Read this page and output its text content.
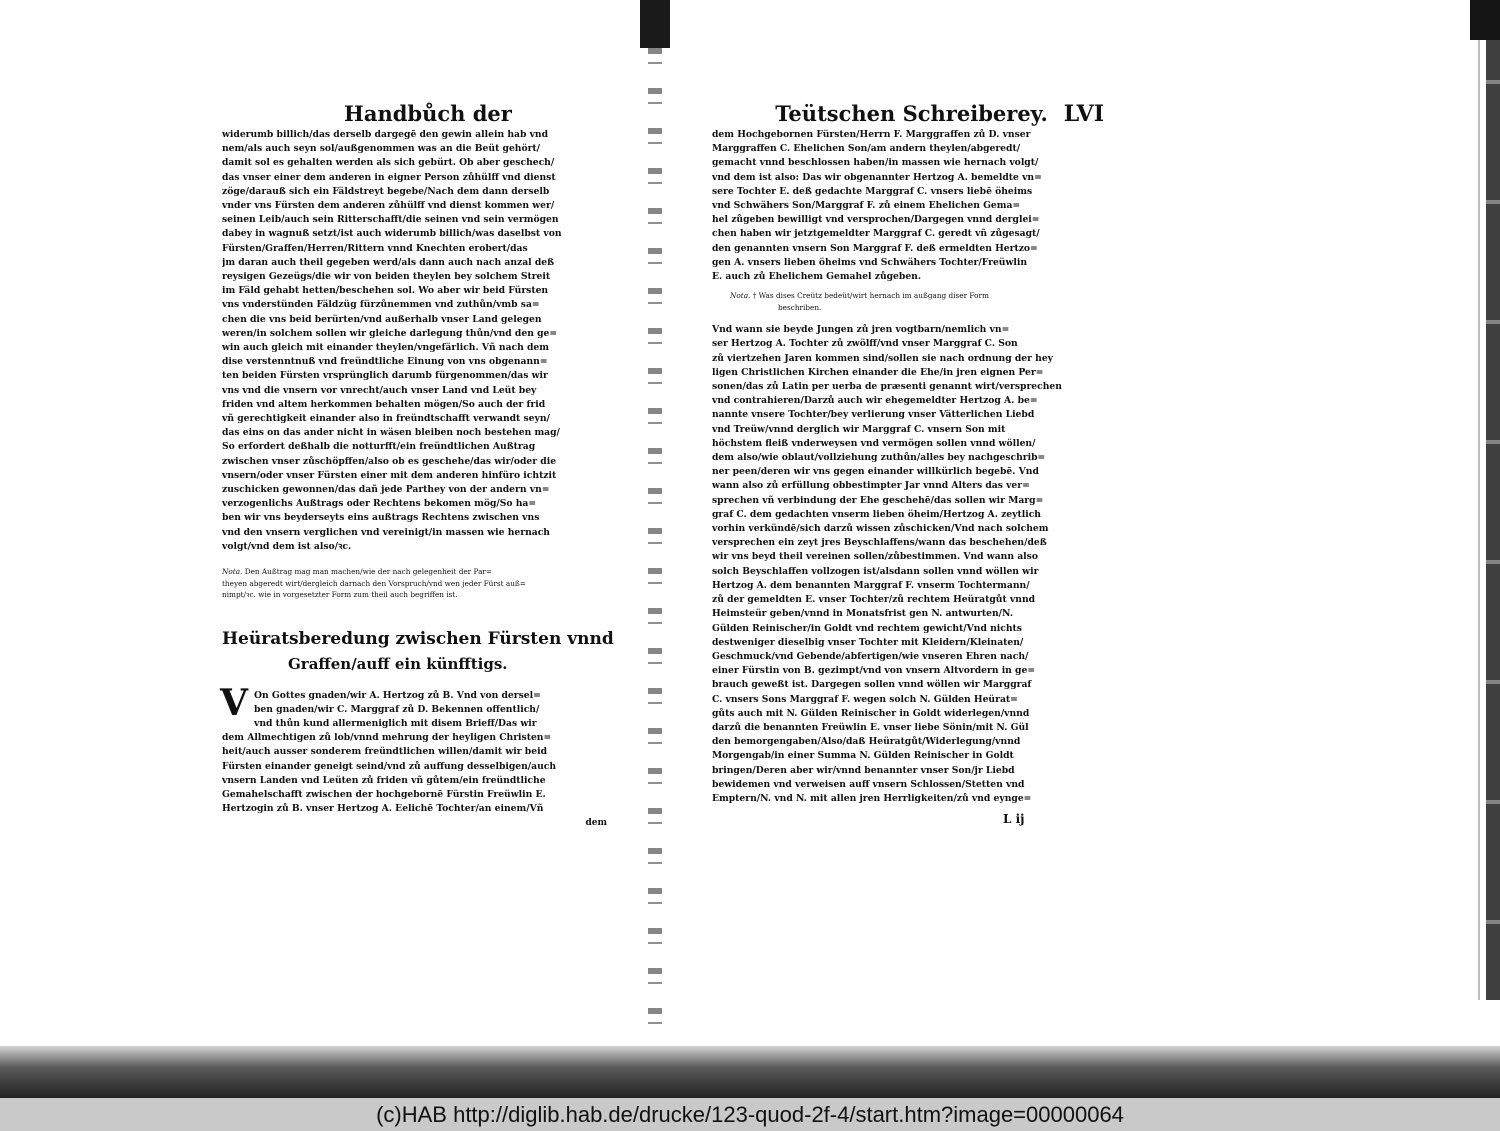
Handbůch der
widerumb billich/das derselb dargegē den gewin allein hab vnd
nem/als auch seyn sol/außgenommen was an die Beüt gehört/
damit sol es gehalten werden als sich gebürt. Ob aber geschech/
das vnser einer dem anderen in eigner Person zůhülff vnd dienst
zöge/darauß sich ein Fäldstreyt begebe/Nach dem dann derselb
vnder vns Fürsten dem anderen zůhülff vnd dienst kommen wer/
seinen Leib/auch sein Ritterschafft/die seinen vnd sein vermögen
dabey in wagnuß setzt/ist auch widerumb billich/was daselbst von
Fürsten/Graffen/Herren/Rittern vnnd Knechten erobert/das
jm daran auch theil gegeben werd/als dann auch nach anzal deß
reysigen Gezeügs/die wir von beiden theylen bey solchem Streit
im Fäld gehabt hetten/beschehen sol. Wo aber wir beid Fürsten
vns vnderstünden Fäldzüg fürzůnemmen vnd zuthůn/vmb sa=
chen die vns beid berürten/vnd außerhalb vnser Land gelegen
weren/in solchem sollen wir gleiche darlegung thůn/vnd den ge=
win auch gleich mit einander theylen/vngefärlich. Vñ nach dem
dise verstenntnuß vnd freündtliche Einung von vns obgenann=
ten beiden Fürsten vrsprünglich darumb fürgenommen/das wir
vns vnd die vnsern vor vnrecht/auch vnser Land vnd Leüt bey
friden vnd altem herkommen behalten mögen/So auch der frid
vñ gerechtigkeit einander also in freündtschafft verwandt seyn/
das eins on das ander nicht in wäsen bleiben noch bestehen mag/
So erfordert deßhalb die notturfft/ein freündtlichen Außtrag
zwischen vnser zůschöpffen/also ob es geschehe/das wir/oder die
vnsern/oder vnser Fürsten einer mit dem anderen hinfüro ichtzit
zuschicken gewonnen/das dañ jede Parthey von der andern vn=
verzogenlichs Außtrags oder Rechtens bekomen mög/So ha=
ben wir vns beyderseyts eins außtrags Rechtens zwischen vns
vnd den vnsern verglichen vnd vereinigt/in massen wie hernach
volgt/vnd dem ist also/ꝛc.
Nota. Den Außtrag mag man machen/wie der nach gelegenheit der Par=
theyen abgeredt wirt/dergleich darnach den Vorspruch/vnd wen jeder Fürst auß=
nimpt/ꝛc. wie in vorgesetzter Form zum theil auch begriffen ist.
Heüratsberedung zwischen Fürsten vnnd
Graffen/auff ein künfftigs.
V On Gottes gnaden/wir A. Hertzog zů B. Vnd von dersel=
ben gnaden/wir C. Marggraf zů D. Bekennen offentlich/
vnd thůn kund allermeniglich mit disem Brieff/Das wir
dem Allmechtigen zů lob/vnnd mehrung der heyligen Christen=
heit/auch ausser sonderem freündtlichen willen/damit wir beid
Fürsten einander geneigt seind/vnd zů auffung desselbigen/auch
vnsern Landen vnd Leüten zů friden vñ gůtem/ein freündtliche
Gemahelschafft zwischen der hochgebornē Fürstin Freüwlin E.
Hertzogin zů B. vnser Hertzog A. Eelichē Tochter/an einem/Vñ
dem
Teütschen Schreiberey. LVI
dem Hochgebornen Fürsten/Herrn F. Marggraffen zů D. vnser
Marggraffen C. Ehelichen Son/am andern theylen/abgeredt/
gemacht vnnd beschlossen haben/in massen wie hernach volgt/
vnd dem ist also: Das wir obgenannter Hertzog A. bemeldte vn=
sere Tochter E. deß gedachte Marggraf C. vnsers liebē öheims
vnd Schwähers Son/Marggraf F. zů einem Ehelichen Gema=
hel zůgeben bewilligt vnd versprochen/Dargegen vnnd derglei=
chen haben wir jetztgemeldter Marggraf C. geredt vñ zůgesagt/
den genannten vnsern Son Marggraf F. deß ermeldten Hertzo=
gen A. vnsers lieben öheims vnd Schwähers Tochter/Freüwlin
E. auch zů Ehelichem Gemahel zůgeben.
Nota. † Was dises Creütz bedeüt/wirt hernach im außgang diser Form
beschriben.
Vnd wann sie beyde Jungen zů jren vogtbarn/nemlich vn=
ser Hertzog A. Tochter zů zwölff/vnd vnser Marggraf C. Son
zů viertzehen Jaren kommen sind/sollen sie nach ordnung der hey
ligen Christlichen Kirchen einander die Ehe/in jren eignen Per=
sonen/das zů Latin per uerba de præsenti genannt wirt/versprechen
vnd contrahieren/Darzů auch wir ehegemeldter Hertzog A. be=
nannte vnsere Tochter/bey verlierung vnser Vätterlichen Liebd
vnd Treüw/vnnd derglich wir Marggraf C. vnsern Son mit
höchstem fleiß vnderweysen vnd vermögen sollen vnnd wöllen/
dem also/wie oblaut/vollziehung zuthůn/alles bey nachgeschrib=
ner peen/deren wir vns gegen einander willkürlich begebē. Vnd
wann also zů erfüllung obbestimpter Jar vnnd Alters das ver=
sprechen vñ verbindung der Ehe geschehē/das sollen wir Marg=
graf C. dem gedachten vnserm lieben öheim/Hertzog A. zeytlich
vorhin verkündē/sich darzů wissen zůschicken/Vnd nach solchem
versprechen ein zeyt jres Beyschlaffens/wann das beschehen/deß
wir vns beyd theil vereinen sollen/zůbestimmen. Vnd wann also
solch Beyschlaffen vollzogen ist/alsdann sollen vnnd wöllen wir
Hertzog A. dem benannten Marggraf F. vnserm Tochtermann/
zů der gemeldten E. vnser Tochter/zů rechtem Heüratgůt vnnd
Heimsteür geben/vnnd in Monatsfrist gen N. antwurten/N.
Gülden Reinischer/in Goldt vnd rechtem gewicht/Vnd nichts
destweniger dieselbig vnser Tochter mit Kleidern/Kleinaten/
Geschmuck/vnd Gebende/abfertigen/wie vnseren Ehren nach/
einer Fürstin von B. gezimpt/vnd von vnsern Altvordern in ge=
brauch geweßt ist. Dargegen sollen vnnd wöllen wir Marggraf
C. vnsers Sons Marggraf F. wegen solch N. Gülden Heürat=
gůts auch mit N. Gülden Reinischer in Goldt widerlegen/vnnd
darzů die benannten Freüwlin E. vnser liebe Sönin/mit N. Gül
den bemorgengaben/Also/daß Heüratgůt/Widerlegung/vnnd
Morgengab/in einer Summa N. Gülden Reinischer in Goldt
bringen/Deren aber wir/vnnd benannter vnser Son/jr Liebd
bewidemen vnd verweisen auff vnsern Schlossen/Stetten vnd
Emptern/N. vnd N. mit allen jren Herrligkeiten/zů vnd eynge=
L ij
(c)HAB http://diglib.hab.de/drucke/123-quod-2f-4/start.htm?image=00000064
